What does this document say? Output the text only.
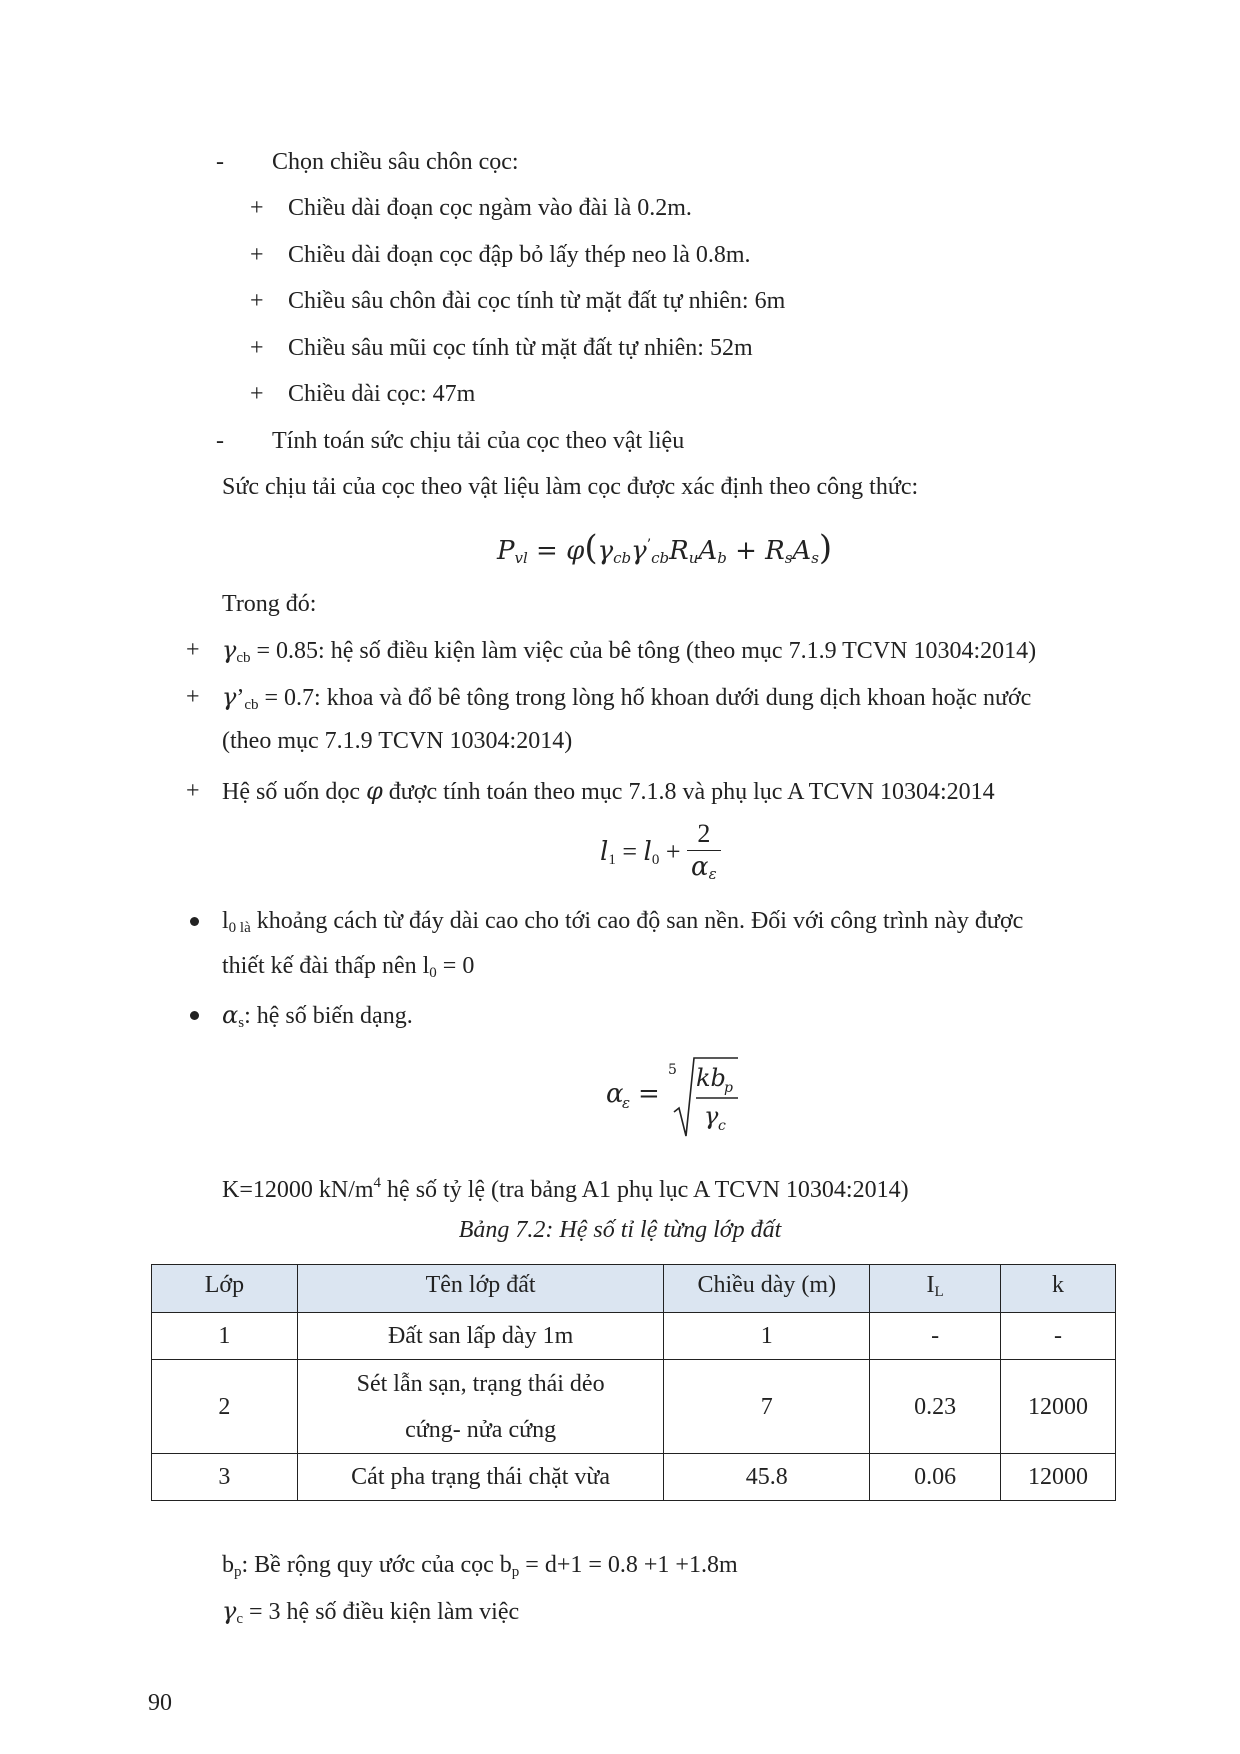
- Chọn chiều sâu chôn cọc:
+ Chiều dài đoạn cọc ngàm vào đài là 0.2m.
+ Chiều dài đoạn cọc đập bỏ lấy thép neo là 0.8m.
+ Chiều sâu chôn đài cọc tính từ mặt đất tự nhiên: 6m
+ Chiều sâu mũi cọc tính từ mặt đất tự nhiên: 52m
+ Chiều dài cọc: 47m
- Tính toán sức chịu tải của cọc theo vật liệu
Sức chịu tải của cọc theo vật liệu làm cọc được xác định theo công thức:
$P_{vl} = \varphi(\gamma_{cb}\gamma^’_{cb}R_uA_b + R_sA_s)$
Trong đó:
+ $\gamma_{cb} = 0.85$: hệ số điều kiện làm việc của bê tông (theo mục 7.1.9 TCVN 10304:2014)
+ $\gamma’_{cb} = 0.7$: khoa và đổ bê tông trong lòng hố khoan dưới dung dịch khoan hoặc nước
(theo mục 7.1.9 TCVN 10304:2014)
+ Hệ số uốn dọc φ được tính toán theo mục 7.1.8 và phụ lục A TCVN 10304:2014
$l_1 = l_0 + \frac{2}{\alpha_\varepsilon}$
$l_{0 là}$ khoảng cách từ đáy dài cao cho tới cao độ san nền. Đối với công trình này được
thiết kế đài thấp nên $l_0 = 0$
$\alpha_s$: hệ số biến dạng.
α
ε =
5 kb
p
γ c
K=12000 $kN/m^4$ hệ số tỷ lệ (tra bảng A1 phụ lục A TCVN 10304:2014)
Bảng 7.2: Hệ số tỉ lệ từng lớp đất
Lớp	Tên lớp đất	Chiều dày (m)	$I_L$	k
1	Đất san lấp dày 1m	1	-	-
2	Sét lẫn sạn, trạng thái dẻo
cứng- nửa cứng	7	0.23	12000
3	Cát pha trạng thái chặt vừa	45.8	0.06	12000
$b_p$: Bề rộng quy ước của cọc $b_p = d+1 = 0.8 +1 +1.8m$
$\gamma_c = 3$ hệ số điều kiện làm việc
90
